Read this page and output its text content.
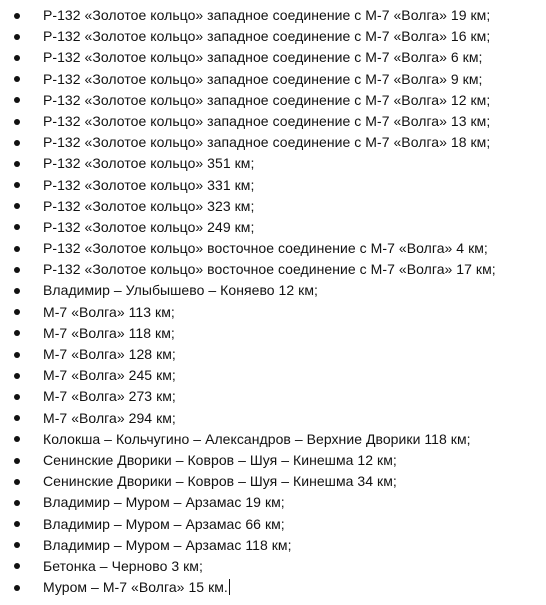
Р-132 «Золотое кольцо» западное соединение с М-7 «Волга» 19 км;
Р-132 «Золотое кольцо» западное соединение с М-7 «Волга» 16 км;
Р-132 «Золотое кольцо» западное соединение с М-7 «Волга» 6 км;
Р-132 «Золотое кольцо» западное соединение с М-7 «Волга» 9 км;
Р-132 «Золотое кольцо» западное соединение с М-7 «Волга» 12 км;
Р-132 «Золотое кольцо» западное соединение с М-7 «Волга» 13 км;
Р-132 «Золотое кольцо» западное соединение с М-7 «Волга» 18 км;
Р-132 «Золотое кольцо» 351 км;
Р-132 «Золотое кольцо» 331 км;
Р-132 «Золотое кольцо» 323 км;
Р-132 «Золотое кольцо» 249 км;
Р-132 «Золотое кольцо» восточное соединение с М-7 «Волга» 4 км;
Р-132 «Золотое кольцо» восточное соединение с М-7 «Волга» 17 км;
Владимир – Улыбышево – Коняево 12 км;
М-7 «Волга» 113 км;
М-7 «Волга» 118 км;
М-7 «Волга» 128 км;
М-7 «Волга» 245 км;
М-7 «Волга» 273 км;
М-7 «Волга» 294 км;
Колокша – Кольчугино – Александров – Верхние Дворики 118 км;
Сенинские Дворики – Ковров – Шуя – Кинешма 12 км;
Сенинские Дворики – Ковров – Шуя – Кинешма 34 км;
Владимир – Муром – Арзамас 19 км;
Владимир – Муром – Арзамас 66 км;
Владимир – Муром – Арзамас 118 км;
Бетонка – Черново 3 км;
Муром – М-7 «Волга» 15 км.
